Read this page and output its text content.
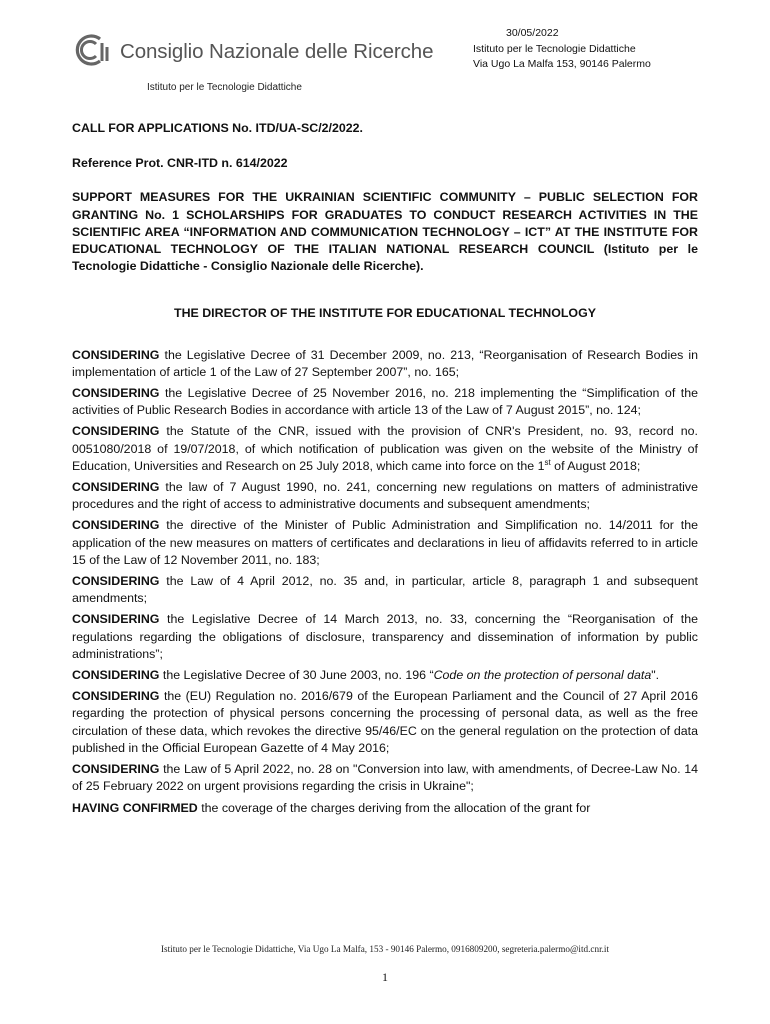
Consiglio Nazionale delle Ricerche
Istituto per le Tecnologie Didattiche
30/05/2022
Istituto per le Tecnologie Didattiche
Via Ugo La Malfa 153, 90146 Palermo

CALL FOR APPLICATIONS No. ITD/UA-SC/2/2022.

Reference Prot. CNR-ITD n. 614/2022

SUPPORT MEASURES FOR THE UKRAINIAN SCIENTIFIC COMMUNITY – PUBLIC SELECTION FOR GRANTING No. 1 SCHOLARSHIPS FOR GRADUATES TO CONDUCT RESEARCH ACTIVITIES IN THE SCIENTIFIC AREA “INFORMATION AND COMMUNICATION TECHNOLOGY – ICT” AT THE INSTITUTE FOR EDUCATIONAL TECHNOLOGY OF THE ITALIAN NATIONAL RESEARCH COUNCIL (Istituto per le Tecnologie Didattiche - Consiglio Nazionale delle Ricerche).

THE DIRECTOR OF THE INSTITUTE FOR EDUCATIONAL TECHNOLOGY

CONSIDERING the Legislative Decree of 31 December 2009, no. 213, “Reorganisation of Research Bodies in implementation of article 1 of the Law of 27 September 2007”, no. 165;

CONSIDERING the Legislative Decree of 25 November 2016, no. 218 implementing the “Simplification of the activities of Public Research Bodies in accordance with article 13 of the Law of 7 August 2015”, no. 124;

CONSIDERING the Statute of the CNR, issued with the provision of CNR's President, no. 93, record no. 0051080/2018 of 19/07/2018, of which notification of publication was given on the website of the Ministry of Education, Universities and Research on 25 July 2018, which came into force on the 1st of August 2018;

CONSIDERING the law of 7 August 1990, no. 241, concerning new regulations on matters of administrative procedures and the right of access to administrative documents and subsequent amendments;

CONSIDERING the directive of the Minister of Public Administration and Simplification no. 14/2011 for the application of the new measures on matters of certificates and declarations in lieu of affidavits referred to in article 15 of the Law of 12 November 2011, no. 183;

CONSIDERING the Law of 4 April 2012, no. 35 and, in particular, article 8, paragraph 1 and subsequent amendments;

CONSIDERING the Legislative Decree of 14 March 2013, no. 33, concerning the “Reorganisation of the regulations regarding the obligations of disclosure, transparency and dissemination of information by public administrations”;

CONSIDERING the Legislative Decree of 30 June 2003, no. 196 “Code on the protection of personal data".

CONSIDERING the (EU) Regulation no. 2016/679 of the European Parliament and the Council of 27 April 2016 regarding the protection of physical persons concerning the processing of personal data, as well as the free circulation of these data, which revokes the directive 95/46/EC on the general regulation on the protection of data published in the Official European Gazette of 4 May 2016;

CONSIDERING the Law of 5 April 2022, no. 28 on "Conversion into law, with amendments, of Decree-Law No. 14 of 25 February 2022 on urgent provisions regarding the crisis in Ukraine";

HAVING CONFIRMED the coverage of the charges deriving from the allocation of the grant for

Istituto per le Tecnologie Didattiche, Via Ugo La Malfa, 153 - 90146 Palermo, 0916809200, segreteria.palermo@itd.cnr.it
1
